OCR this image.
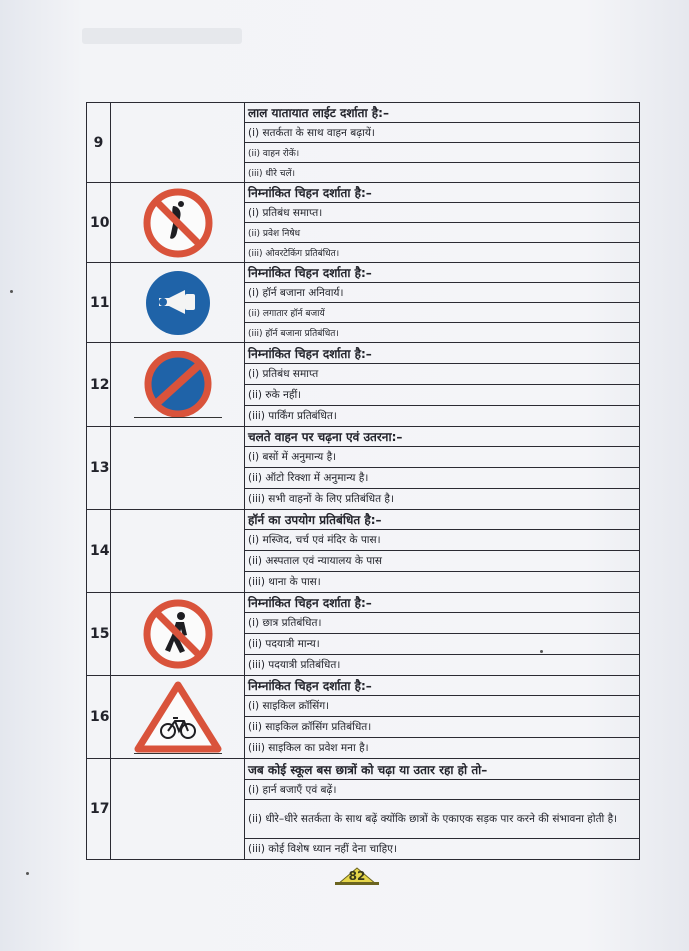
9		लाल यातायात लाईट दर्शाता है:–
		(i) सतर्कता के साथ वाहन बढ़ायें।
		(ii) वाहन रोकें।
		(iii) धीरे चलें।
10		निम्नांकित चिहन दर्शाता है:–
		(i) प्रतिबंध समाप्त।
		(ii) प्रवेश निषेध
		(iii) ओवरटेकिंग प्रतिबंधित।
11		निम्नांकित चिहन दर्शाता है:–
		(i) हॉर्न बजाना अनिवार्य।
		(ii) लगातार हॉर्न बजायें
		(iii) हॉर्न बजाना प्रतिबंधित।
12		निम्नांकित चिहन दर्शाता है:–
		(i) प्रतिबंध समाप्त
		(ii) रुके नहीं।
		(iii) पार्किंग प्रतिबंधित।
13		चलते वाहन पर चढ़ना एवं उतरना:–
		(i) बसों में अनुमान्य है।
		(ii) ऑटो रिक्शा में अनुमान्य है।
		(iii) सभी वाहनों के लिए प्रतिबंधित है।
14		हॉर्न का उपयोग प्रतिबंधित है:–
		(i) मस्जिद, चर्च एवं मंदिर के पास।
		(ii) अस्पताल एवं न्यायालय के पास
		(iii) थाना के पास।
15		निम्नांकित चिहन दर्शाता है:–
		(i) छात्र प्रतिबंधित।
		(ii) पदयात्री मान्य।
		(iii) पदयात्री प्रतिबंधित।
16		निम्नांकित चिहन दर्शाता है:–
		(i) साइकिल क्रॉसिंग।
		(ii) साइकिल क्रॉसिंग प्रतिबंधित।
		(iii) साइकिल का प्रवेश मना है।
17		जब कोई स्कूल बस छात्रों को चढ़ा या उतार रहा हो तो–
		(i) हार्न बजाएँ एवं बढ़ें।
		(ii) धीरे–धीरे सतर्कता के साथ बढ़ें क्योंकि छात्रों के एकाएक सड़क पार करने की संभावना होती है।
		(iii) कोई विशेष ध्यान नहीं देना चाहिए।
82
